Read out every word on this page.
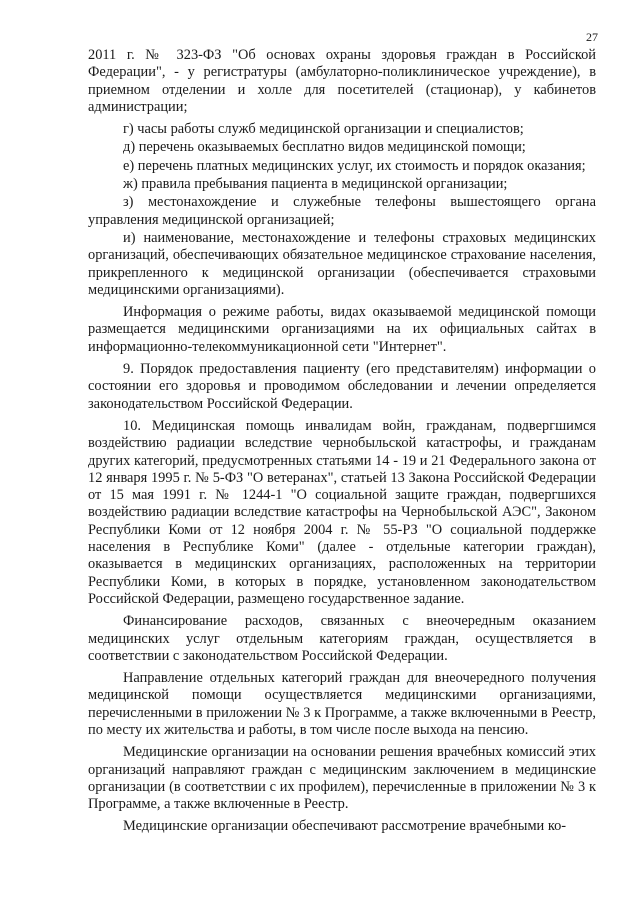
27

2011 г. № 323-ФЗ "Об основах охраны здоровья граждан в Российской Федерации", - у регистратуры (амбулаторно-поликлиническое учреждение), в приемном отделении и холле для посетителей (стационар), у кабинетов администрации;

г) часы работы служб медицинской организации и специалистов;

д) перечень оказываемых бесплатно видов медицинской помощи;

е) перечень платных медицинских услуг, их стоимость и порядок оказания;

ж) правила пребывания пациента в медицинской организации;

з) местонахождение и служебные телефоны вышестоящего органа управления медицинской организацией;

и) наименование, местонахождение и телефоны страховых медицинских организаций, обеспечивающих обязательное медицинское страхование населения, прикрепленного к медицинской организации (обеспечивается страховыми медицинскими организациями).

Информация о режиме работы, видах оказываемой медицинской помощи размещается медицинскими организациями на их официальных сайтах в информационно-телекоммуникационной сети "Интернет".

9. Порядок предоставления пациенту (его представителям) информации о состоянии его здоровья и проводимом обследовании и лечении определяется законодательством Российской Федерации.

10. Медицинская помощь инвалидам войн, гражданам, подвергшимся воздействию радиации вследствие чернобыльской катастрофы, и гражданам других категорий, предусмотренных статьями 14 - 19 и 21 Федерального закона от 12 января 1995 г. № 5-ФЗ "О ветеранах", статьей 13 Закона Российской Федерации от 15 мая 1991 г. № 1244-1 "О социальной защите граждан, подвергшихся воздействию радиации вследствие катастрофы на Чернобыльской АЭС", Законом Республики Коми от 12 ноября 2004 г. № 55-РЗ "О социальной поддержке населения в Республике Коми" (далее - отдельные категории граждан), оказывается в медицинских организациях, расположенных на территории Республики Коми, в которых в порядке, установленном законодательством Российской Федерации, размещено государственное задание.

Финансирование расходов, связанных с внеочередным оказанием медицинских услуг отдельным категориям граждан, осуществляется в соответствии с законодательством Российской Федерации.

Направление отдельных категорий граждан для внеочередного получения медицинской помощи осуществляется медицинскими организациями, перечисленными в приложении № 3 к Программе, а также включенными в Реестр, по месту их жительства и работы, в том числе после выхода на пенсию.

Медицинские организации на основании решения врачебных комиссий этих организаций направляют граждан с медицинским заключением в медицинские организации (в соответствии с их профилем), перечисленные в приложении № 3 к Программе, а также включенные в Реестр.

Медицинские организации обеспечивают рассмотрение врачебными ко-
